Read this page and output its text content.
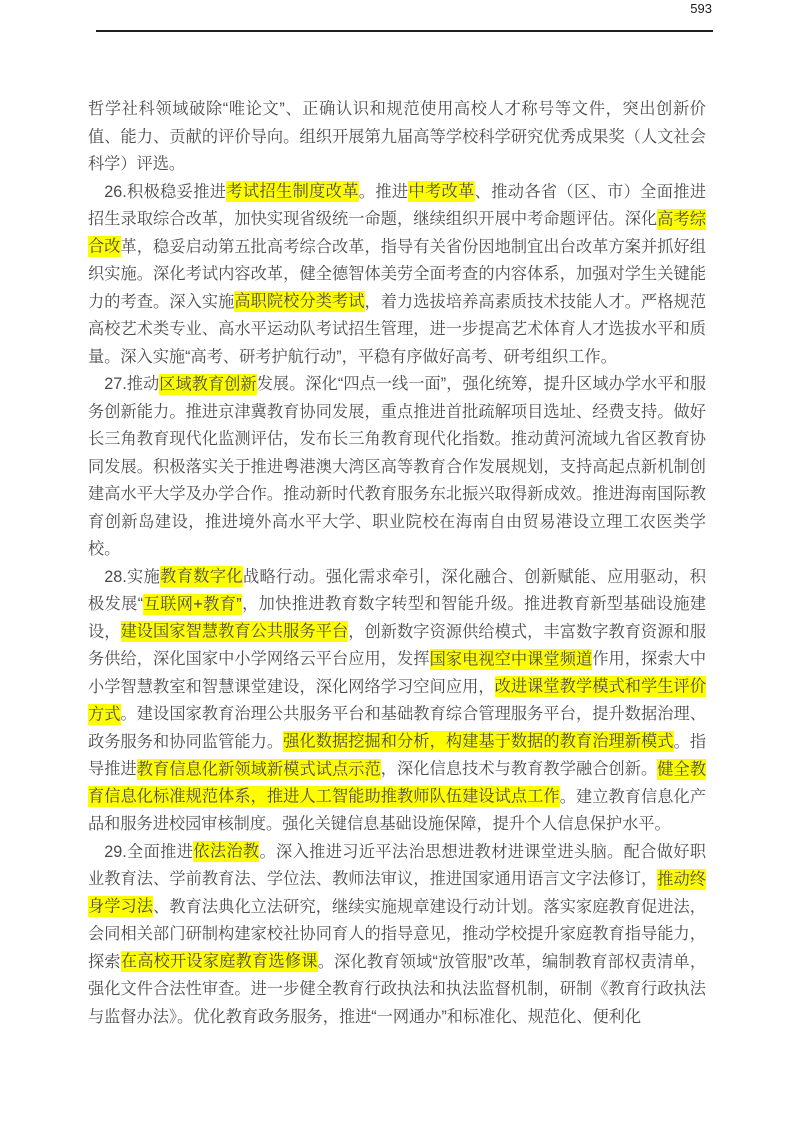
593

哲学社科领域破除“唯论文”、正确认识和规范使用高校人才称号等文件，突出创新价值、能力、贡献的评价导向。组织开展第九届高等学校科学研究优秀成果奖（人文社会科学）评选。

26.积极稳妥推进考试招生制度改革。推进中考改革、推动各省（区、市）全面推进招生录取综合改革，加快实现省级统一命题，继续组织开展中考命题评估。深化高考综合改革，稳妥启动第五批高考综合改革，指导有关省份因地制宜出台改革方案并抓好组织实施。深化考试内容改革，健全德智体美劳全面考查的内容体系，加强对学生关键能力的考查。深入实施高职院校分类考试，着力选拔培养高素质技术技能人才。严格规范高校艺术类专业、高水平运动队考试招生管理，进一步提高艺术体育人才选拔水平和质量。深入实施“高考、研考护航行动”，平稳有序做好高考、研考组织工作。

27.推动区域教育创新发展。深化“四点一线一面”，强化统筹，提升区域办学水平和服务创新能力。推进京津冀教育协同发展，重点推进首批疏解项目选址、经费支持。做好长三角教育现代化监测评估，发布长三角教育现代化指数。推动黄河流域九省区教育协同发展。积极落实关于推进粤港澳大湾区高等教育合作发展规划，支持高起点新机制创建高水平大学及办学合作。推动新时代教育服务东北振兴取得新成效。推进海南国际教育创新岛建设，推进境外高水平大学、职业院校在海南自由贸易港设立理工农医类学校。

28.实施教育数字化战略行动。强化需求牵引，深化融合、创新赋能、应用驱动，积极发展“互联网+教育”，加快推进教育数字转型和智能升级。推进教育新型基础设施建设，建设国家智慧教育公共服务平台，创新数字资源供给模式，丰富数字教育资源和服务供给，深化国家中小学网络云平台应用，发挥国家电视空中课堂频道作用，探索大中小学智慧教室和智慧课堂建设，深化网络学习空间应用，改进课堂教学模式和学生评价方式。建设国家教育治理公共服务平台和基础教育综合管理服务平台，提升数据治理、政务服务和协同监管能力。强化数据挖掘和分析，构建基于数据的教育治理新模式。指导推进教育信息化新领域新模式试点示范，深化信息技术与教育教学融合创新。健全教育信息化标准规范体系，推进人工智能助推教师队伍建设试点工作。建立教育信息化产品和服务进校园审核制度。强化关键信息基础设施保障，提升个人信息保护水平。

29.全面推进依法治教。深入推进习近平法治思想进教材进课堂进头脑。配合做好职业教育法、学前教育法、学位法、教师法审议，推进国家通用语言文字法修订，推动终身学习法、教育法典化立法研究，继续实施规章建设行动计划。落实家庭教育促进法，会同相关部门研制构建家校社协同育人的指导意见，推动学校提升家庭教育指导能力，探索在高校开设家庭教育选修课。深化教育领域“放管服”改革，编制教育部权责清单，强化文件合法性审查。进一步健全教育行政执法和执法监督机制，研制《教育行政执法与监督办法》。优化教育政务服务，推进“一网通办”和标准化、规范化、便利化
